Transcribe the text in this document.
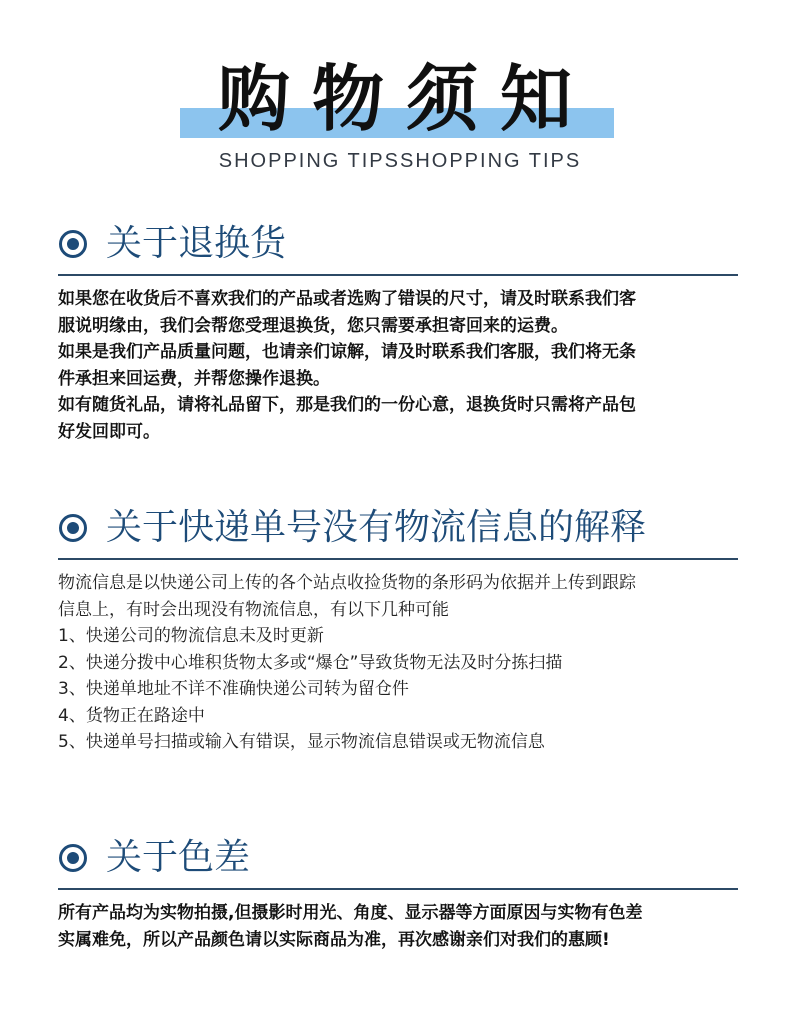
购物须知
SHOPPING TIPSSHOPPING TIPS
关于退换货
如果您在收货后不喜欢我们的产品或者选购了错误的尺寸，请及时联系我们客
服说明缘由，我们会帮您受理退换货，您只需要承担寄回来的运费。
如果是我们产品质量问题，也请亲们谅解，请及时联系我们客服，我们将无条
件承担来回运费，并帮您操作退换。
如有随货礼品，请将礼品留下，那是我们的一份心意，退换货时只需将产品包
好发回即可。
关于快递单号没有物流信息的解释
物流信息是以快递公司上传的各个站点收捡货物的条形码为依据并上传到跟踪
信息上，有时会出现没有物流信息，有以下几种可能
1、快递公司的物流信息未及时更新
2、快递分拨中心堆积货物太多或“爆仓”导致货物无法及时分拣扫描
3、快递单地址不详不准确快递公司转为留仓件
4、货物正在路途中
5、快递单号扫描或输入有错误，显示物流信息错误或无物流信息
关于色差
所有产品均为实物拍摄,但摄影时用光、角度、显示器等方面原因与实物有色差
实属难免，所以产品颜色请以实际商品为准，再次感谢亲们对我们的惠顾!
